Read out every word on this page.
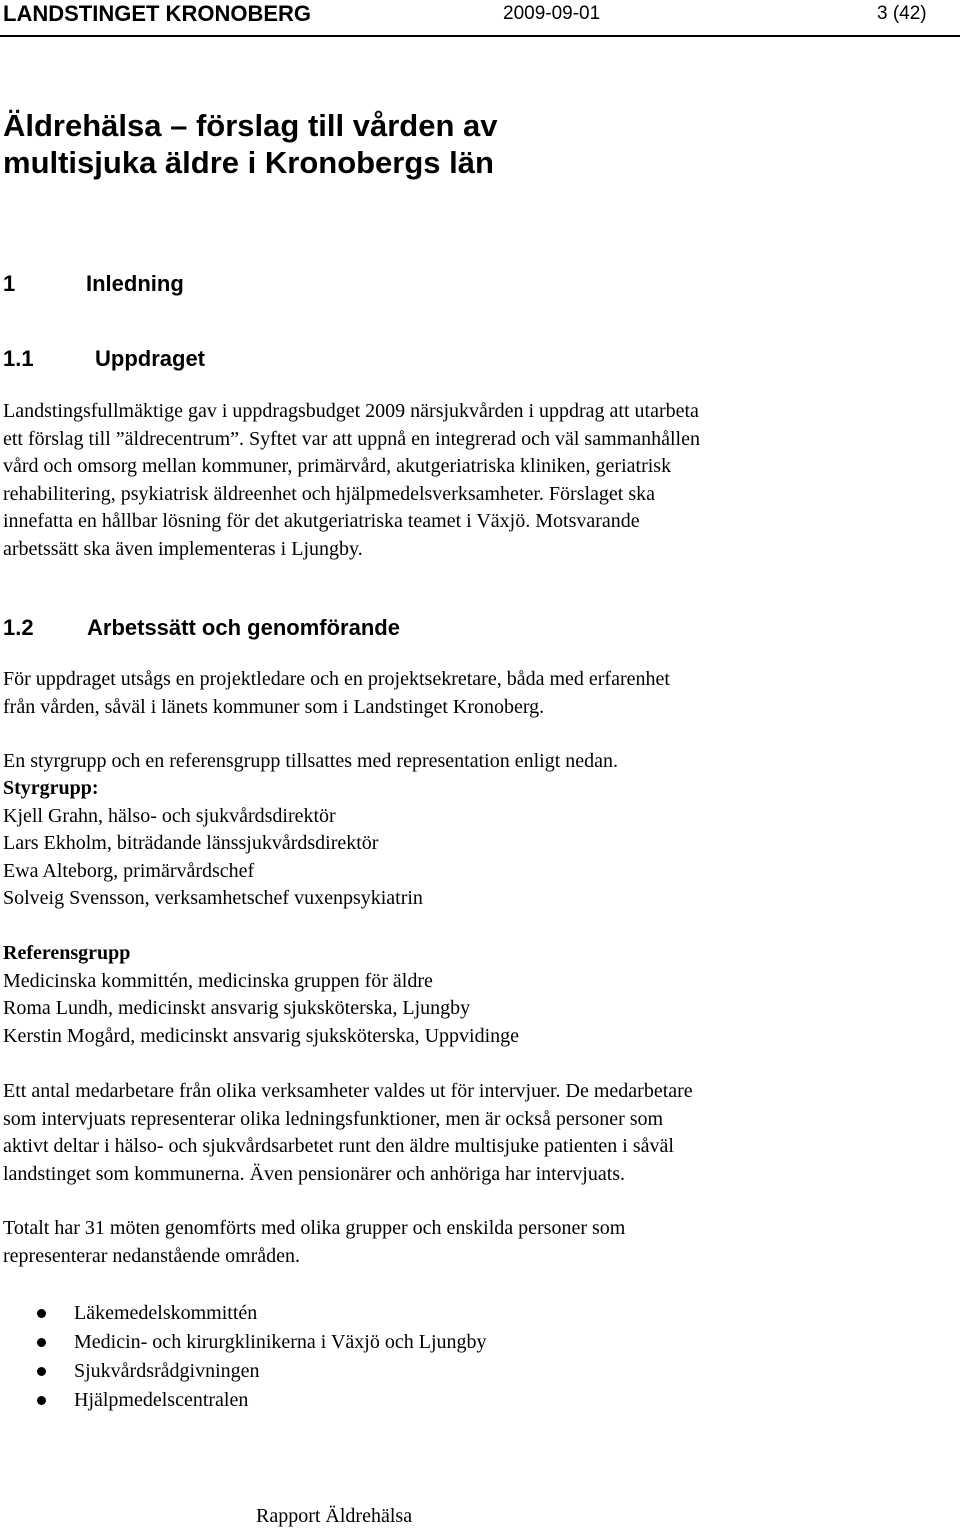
LANDSTINGET KRONOBERG	2009-09-01	3 (42)
Äldrehälsa – förslag till vården av
multisjuka äldre i Kronobergs län
1	Inledning
1.1	Uppdraget
Landstingsfullmäktige gav i uppdragsbudget 2009 närsjukvården i uppdrag att utarbeta
ett förslag till ”äldrecentrum”. Syftet var att uppnå en integrerad och väl sammanhållen
vård och omsorg mellan kommuner, primärvård, akutgeriatriska kliniken, geriatrisk
rehabilitering, psykiatrisk äldreenhet och hjälpmedelsverksamheter. Förslaget ska
innefatta en hållbar lösning för det akutgeriatriska teamet i Växjö. Motsvarande
arbetssätt ska även implementeras i Ljungby.
1.2 Arbetssätt och genomförande
För uppdraget utsågs en projektledare och en projektsekretare, båda med erfarenhet
från vården, såväl i länets kommuner som i Landstinget Kronoberg.
En styrgrupp och en referensgrupp tillsattes med representation enligt nedan.
Styrgrupp:
Kjell Grahn, hälso- och sjukvårdsdirektör
Lars Ekholm, biträdande länssjukvårdsdirektör
Ewa Alteborg, primärvårdschef
Solveig Svensson, verksamhetschef vuxenpsykiatrin
Referensgrupp
Medicinska kommittén, medicinska gruppen för äldre
Roma Lundh, medicinskt ansvarig sjuksköterska, Ljungby
Kerstin Mogård, medicinskt ansvarig sjuksköterska, Uppvidinge
Ett antal medarbetare från olika verksamheter valdes ut för intervjuer. De medarbetare
som intervjuats representerar olika ledningsfunktioner, men är också personer som
aktivt deltar i hälso- och sjukvårdsarbetet runt den äldre multisjuke patienten i såväl
landstinget som kommunerna. Även pensionärer och anhöriga har intervjuats.
Totalt har 31 möten genomförts med olika grupper och enskilda personer som
representerar nedanstående områden.
Läkemedelskommittén
Medicin- och kirurgklinikerna i Växjö och Ljungby
Sjukvårdsrådgivningen
Hjälpmedelscentralen
Rapport Äldrehälsa
